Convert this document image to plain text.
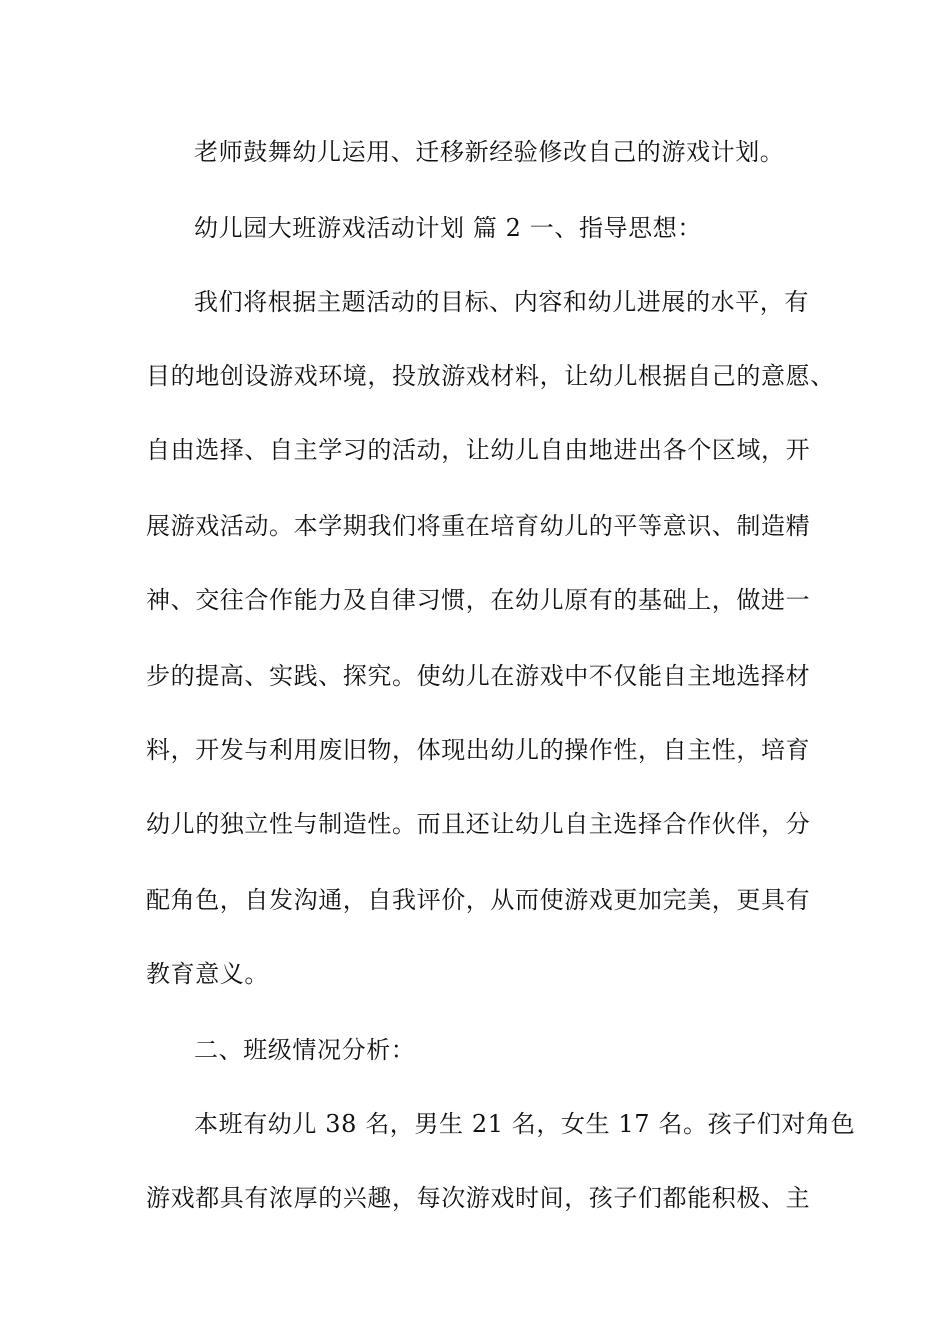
老师鼓舞幼儿运用、迁移新经验修改自己的游戏计划。
幼儿园大班游戏活动计划 篇 2 一、指导思想：
我们将根据主题活动的目标、内容和幼儿进展的水平，有
目的地创设游戏环境，投放游戏材料，让幼儿根据自己的意愿、
自由选择、自主学习的活动，让幼儿自由地进出各个区域，开
展游戏活动。本学期我们将重在培育幼儿的平等意识、制造精
神、交往合作能力及自律习惯，在幼儿原有的基础上，做进一
步的提高、实践、探究。使幼儿在游戏中不仅能自主地选择材
料，开发与利用废旧物，体现出幼儿的操作性，自主性，培育
幼儿的独立性与制造性。而且还让幼儿自主选择合作伙伴，分
配角色，自发沟通，自我评价，从而使游戏更加完美，更具有
教育意义。
二、班级情况分析：
本班有幼儿 38 名，男生 21 名，女生 17 名。孩子们对角色
游戏都具有浓厚的兴趣，每次游戏时间，孩子们都能积极、主
